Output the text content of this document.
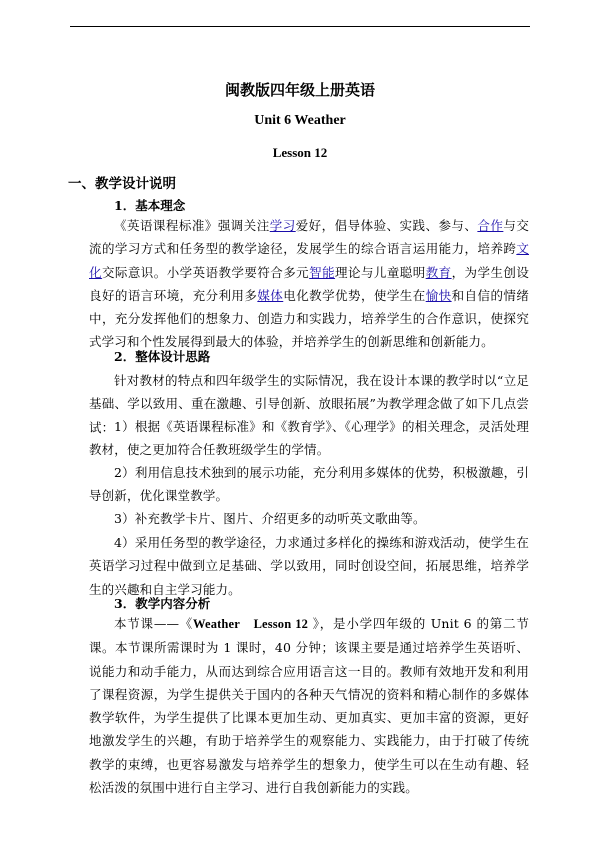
闽教版四年级上册英语
Unit 6 Weather
Lesson 12
一、教学设计说明
1．基本理念
《英语课程标准》强调关注学习爱好，倡导体验、实践、参与、合作与交流的学习方式和任务型的教学途径，发展学生的综合语言运用能力，培养跨文化交际意识。小学英语教学要符合多元智能理论与儿童聪明教育，为学生创设良好的语言环境，充分利用多媒体电化教学优势，使学生在愉快和自信的情绪中，充分发挥他们的想象力、创造力和实践力，培养学生的合作意识，使探究式学习和个性发展得到最大的体验，并培养学生的创新思维和创新能力。
2．整体设计思路
针对教材的特点和四年级学生的实际情况，我在设计本课的教学时以“立足基础、学以致用、重在激趣、引导创新、放眼拓展”为教学理念做了如下几点尝试： 1）根据《英语课程标准》和《教育学》、《心理学》的相关理念，灵活处理教材，使之更加符合任教班级学生的学情。
2）利用信息技术独到的展示功能，充分利用多媒体的优势，积极激趣，引导创新，优化课堂教学。
3）补充教学卡片、图片、介绍更多的动听英文歌曲等。
4）采用任务型的教学途径，力求通过多样化的操练和游戏活动，使学生在英语学习过程中做到立足基础、学以致用，同时创设空间，拓展思维，培养学生的兴趣和自主学习能力。
3．教学内容分析
本节课——《Weather　Lesson 12 》，是小学四年级的 Unit 6 的第二节课。本节课所需课时为 1 课时，40 分钟；该课主要是通过培养学生英语听、说能力和动手能力，从而达到综合应用语言这一目的。教师有效地开发和利用了课程资源，为学生提供关于国内的各种天气情况的资料和精心制作的多媒体教学软件，为学生提供了比课本更加生动、更加真实、更加丰富的资源，更好地激发学生的兴趣，有助于培养学生的观察能力、实践能力，由于打破了传统教学的束缚，也更容易激发与培养学生的想象力，使学生可以在生动有趣、轻松活泼的氛围中进行自主学习、进行自我创新能力的实践。
